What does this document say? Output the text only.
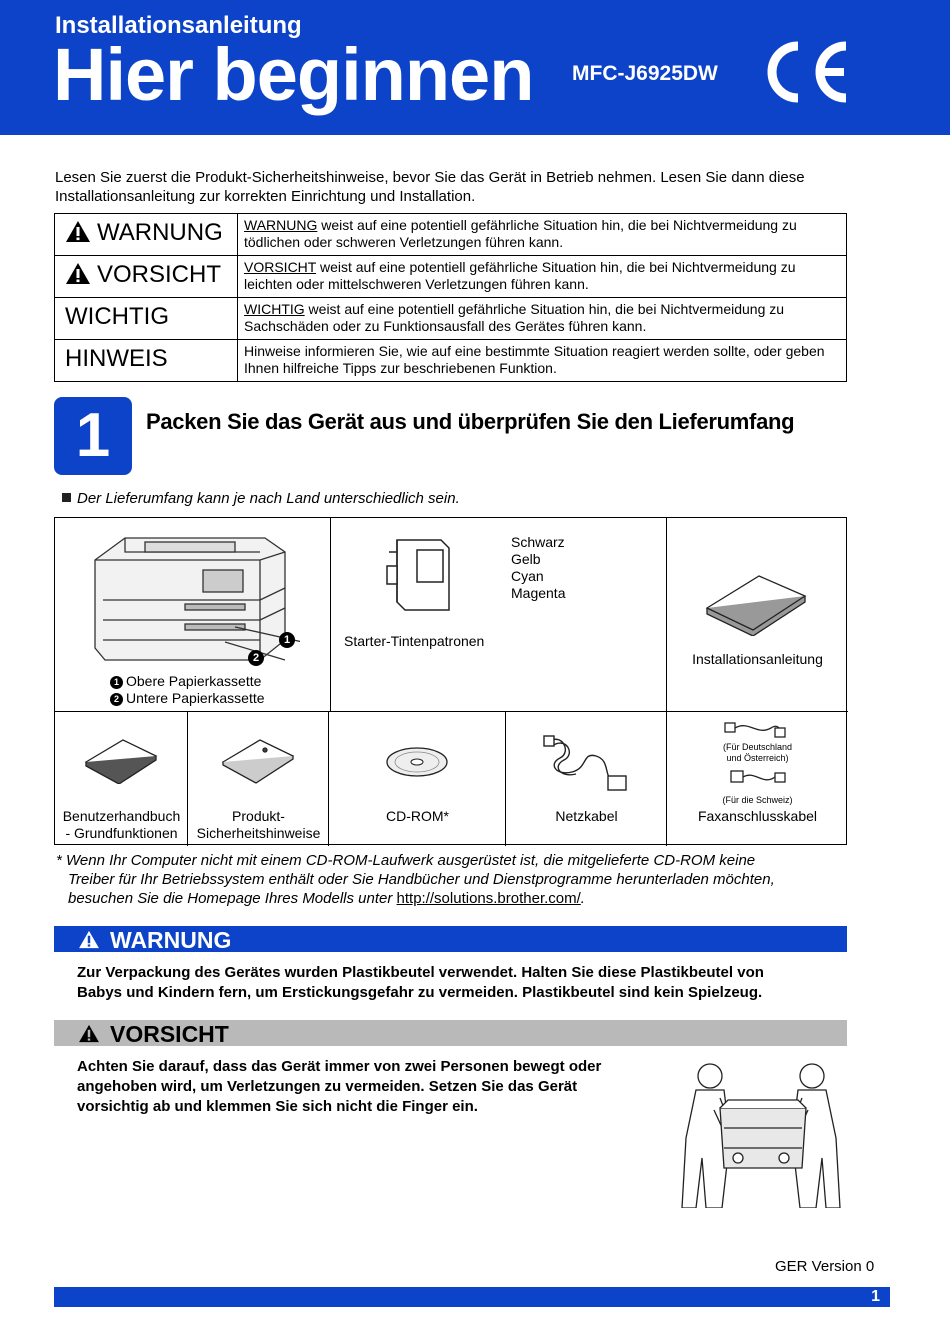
Installationsanleitung
Hier beginnen MFC-J6925DW
Lesen Sie zuerst die Produkt-Sicherheitshinweise, bevor Sie das Gerät in Betrieb nehmen. Lesen Sie dann diese Installationsanleitung zur korrekten Einrichtung und Installation.
WARNUNG	WARNUNG weist auf eine potentiell gefährliche Situation hin, die bei Nichtvermeidung zu tödlichen oder schweren Verletzungen führen kann.
VORSICHT	VORSICHT weist auf eine potentiell gefährliche Situation hin, die bei Nichtvermeidung zu leichten oder mittelschweren Verletzungen führen kann.
WICHTIG	WICHTIG weist auf eine potentiell gefährliche Situation hin, die bei Nichtvermeidung zu Sachschäden oder zu Funktionsausfall des Gerätes führen kann.
HINWEIS	Hinweise informieren Sie, wie auf eine bestimmte Situation reagiert werden sollte, oder geben Ihnen hilfreiche Tipps zur beschriebenen Funktion.
1	Packen Sie das Gerät aus und überprüfen Sie den Lieferumfang
Der Lieferumfang kann je nach Land unterschiedlich sein.
1
2
1 Obere Papierkassette
2 Untere Papierkassette
Schwarz
Gelb
Cyan
Magenta
Starter-Tintenpatronen
Installationsanleitung
Benutzerhandbuch
- Grundfunktionen
Produkt-
Sicherheitshinweise
CD-ROM*	Netzkabel
(Für Deutschland
und Österreich)
(Für die Schweiz)
Faxanschlusskabel
* Wenn Ihr Computer nicht mit einem CD-ROM-Laufwerk ausgerüstet ist, die mitgelieferte CD-ROM keine
Treiber für Ihr Betriebssystem enthält oder Sie Handbücher und Dienstprogramme herunterladen möchten,
besuchen Sie die Homepage Ihres Modells unter http://solutions.brother.com/.
WARNUNG
Zur Verpackung des Gerätes wurden Plastikbeutel verwendet. Halten Sie diese Plastikbeutel von
Babys und Kindern fern, um Erstickungsgefahr zu vermeiden. Plastikbeutel sind kein Spielzeug.
VORSICHT
Achten Sie darauf, dass das Gerät immer von zwei Personen bewegt oder
angehoben wird, um Verletzungen zu vermeiden. Setzen Sie das Gerät
vorsichtig ab und klemmen Sie sich nicht die Finger ein.
GER Version 0
1
